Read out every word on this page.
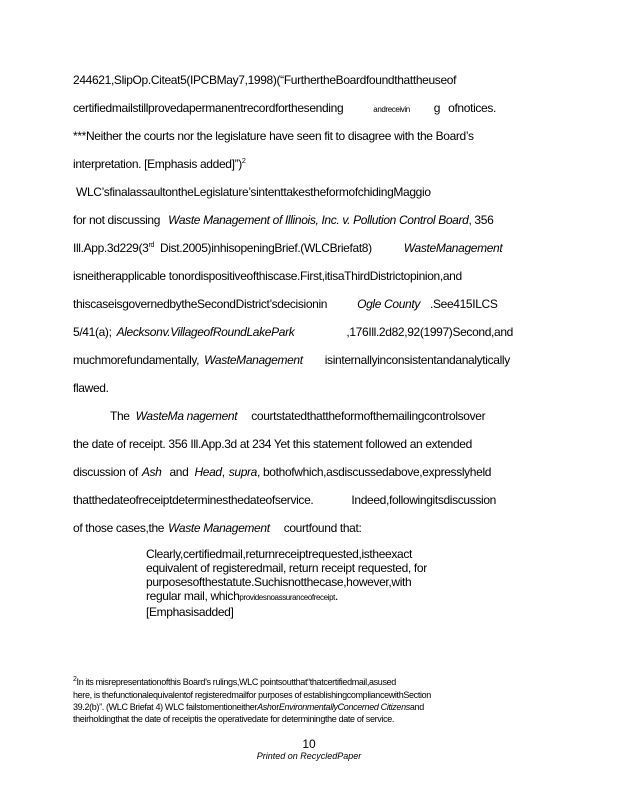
244621,SlipOp.Citeat5(IPCBMay7,1998)(“FurthertheBoardfoundthattheuseof
certifiedmailstillprovedapermanentrecordforthesending	andreceivin g ofnotices.
***Neither the courts nor the legislature have seen fit to disagree with the Board’s
interpretation. [Emphasis added]”)$^2$
WLC’sfinalassaultontheLegislature’sintenttakestheformofchidingMaggio
for not discussing Waste Management of Illinois, Inc. v. Pollution Control Board, 356
Ill.App.3d229(3rd Dist.2005)inhisopeningBrief.(WLCBriefat8)	WasteManagement
isneitherapplicable tonordispositiveofthiscase.First,itisaThirdDistrictopinion,and
thiscaseisgovernedbytheSecondDistrict’sdecisionin	Ogle County .See415ILCS
5/41(a); Alecksonv.VillageofRoundLakePark	,176Ill.2d82,92(1997)Second,and
muchmorefundamentally, WasteManagement isinternallyinconsistentandanalytically
flawed.
The WasteMa nagement courtstatedthattheformofthemailingcontrolsover
the date of receipt. 356 Ill.App.3d at 234 Yet this statement followed an extended
discussion of Ash and Head, supra, bothofwhich,asdiscussedabove,expresslyheld
thatthedateofreceiptdeterminesthedateofservice.	Indeed,followingitsdiscussion
of those cases,the Waste Management courtfound that:
Clearly,certifiedmail,returnreceiptrequested,istheexact
equivalent of registeredmail, return receipt requested, for
purposesofthestatute.Suchisnotthecase,however,with
regular mail, whichprovidesnoassuranceofreceipt.
[Emphasisadded]
$^2$In its misrepresentationofthis Board’s rulings,WLC pointsoutthat“thatcertifiedmail,asused
here, is thefunctionalequivalentof registeredmailfor purposes of establishingcompliancewithSection
39.2(b)”. (WLC Briefat 4) WLC failstomentioneitherAshorEnvironmentallyConcerned Citizensand
theirholdingthat the date of receiptis the operativedate for determiningthe date of service.
10
Printed on RecycledPaper
